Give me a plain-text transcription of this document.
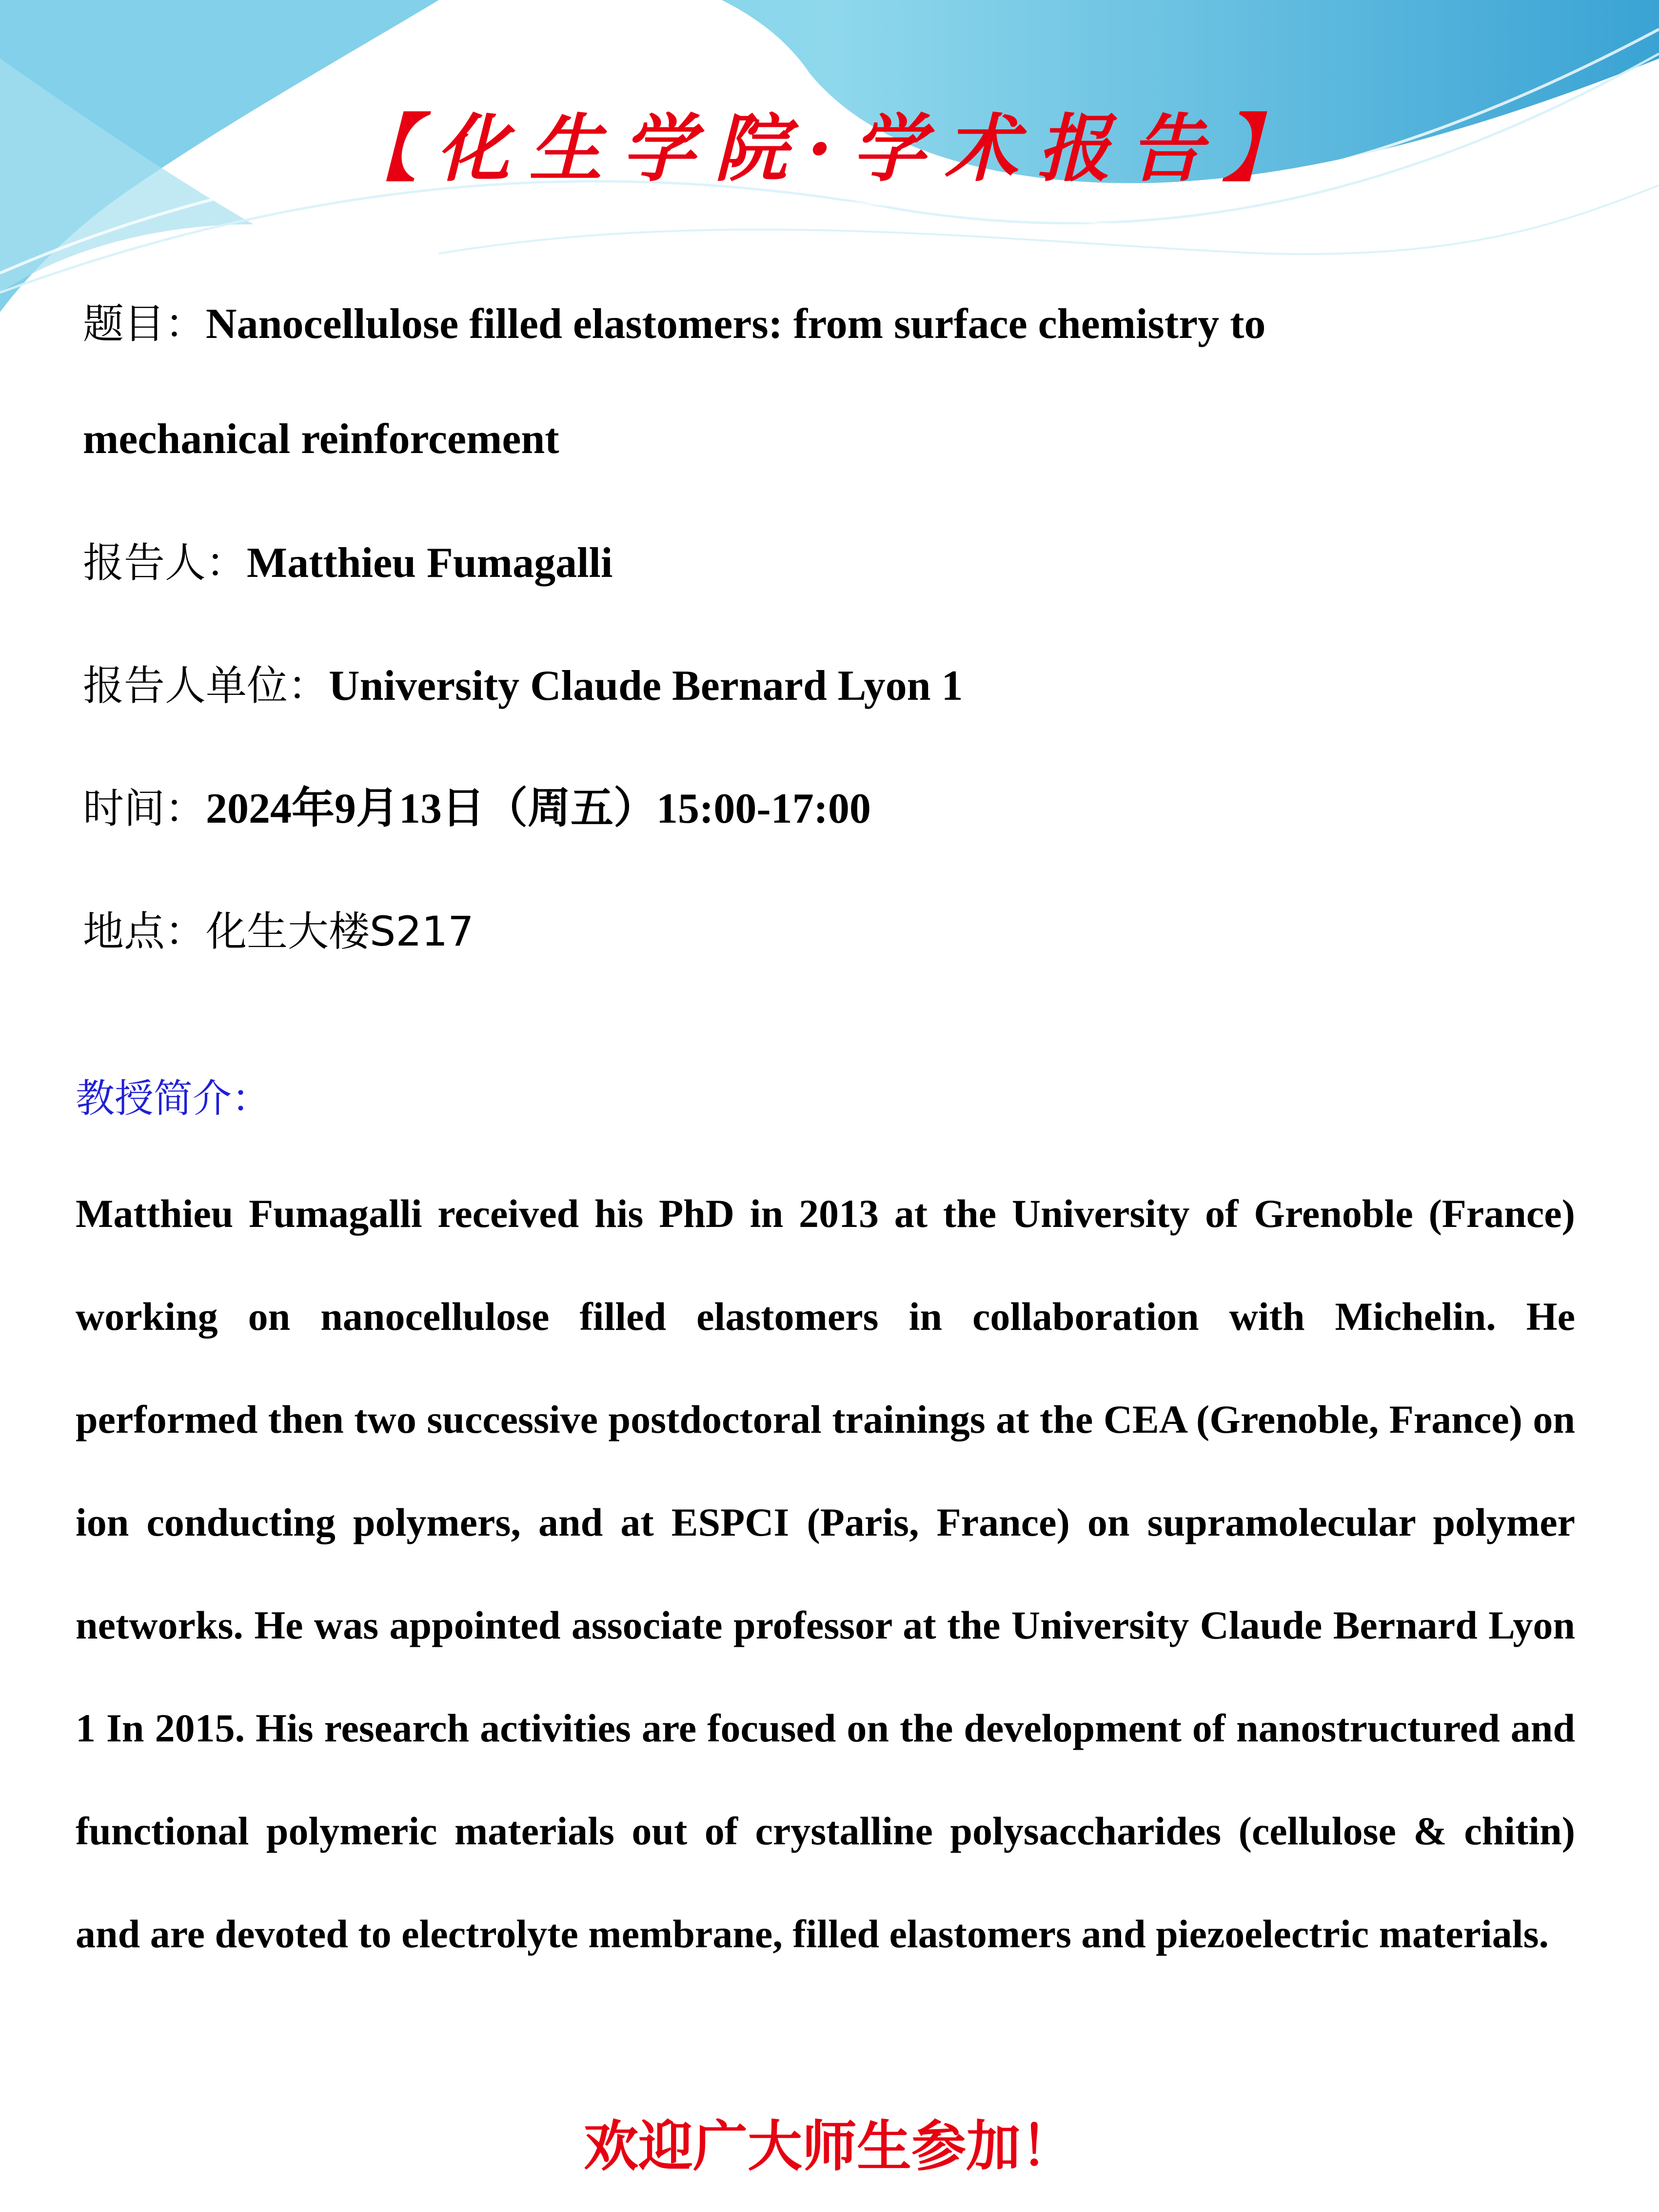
【化生学院·学术报告】
题目：Nanocellulose filled elastomers: from surface chemistry to
mechanical reinforcement
报告人：Matthieu Fumagalli
报告人单位：University Claude Bernard Lyon 1
时间：2024年9月13日（周五）15:00-17:00
地点：化生大楼S217
教授简介：

Matthieu Fumagalli received his PhD in 2013 at the University of Grenoble (France) working on nanocellulose filled elastomers in collaboration with Michelin. He performed then two successive postdoctoral trainings at the CEA (Grenoble, France) on ion conducting polymers, and at ESPCI (Paris, France) on supramolecular polymer networks. He was appointed associate professor at the University Claude Bernard Lyon 1 In 2015. His research activities are focused on the development of nanostructured and functional polymeric materials out of crystalline polysaccharides (cellulose & chitin) and are devoted to electrolyte membrane, filled elastomers and piezoelectric materials.

欢迎广大师生参加！
